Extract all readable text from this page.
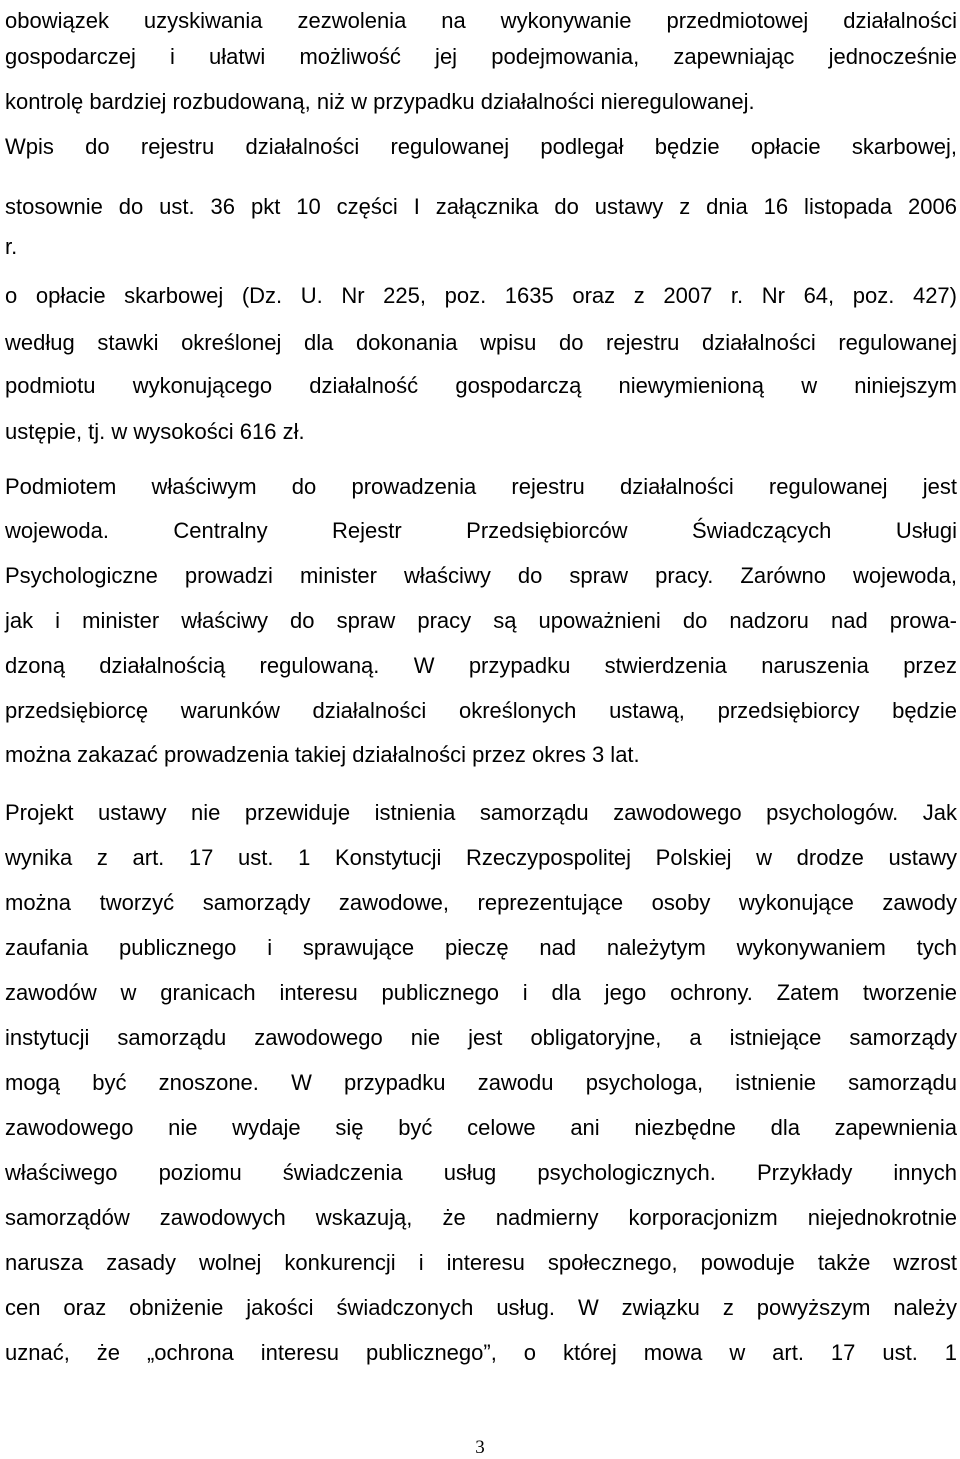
obowiązek uzyskiwania zezwolenia na wykonywanie przedmiotowej działalności
gospodarczej i ułatwi możliwość jej podejmowania, zapewniając jednocześnie
kontrolę bardziej rozbudowaną, niż w przypadku działalności nieregulowanej.
Wpis do rejestru działalności regulowanej podlegał będzie opłacie skarbowej,
stosownie do ust. 36 pkt 10 części I załącznika do ustawy z dnia 16 listopada 2006
r.
o opłacie skarbowej (Dz. U. Nr 225, poz. 1635 oraz z 2007 r. Nr 64, poz. 427)
według stawki określonej dla dokonania wpisu do rejestru działalności regulowanej
podmiotu wykonującego działalność gospodarczą niewymienioną w niniejszym
ustępie, tj. w wysokości 616 zł.
Podmiotem właściwym do prowadzenia rejestru działalności regulowanej jest
wojewoda. Centralny Rejestr Przedsiębiorców Świadczących Usługi
Psychologiczne prowadzi minister właściwy do spraw pracy. Zarówno wojewoda,
jak i minister właściwy do spraw pracy są upoważnieni do nadzoru nad prowa-
dzoną działalnością regulowaną. W przypadku stwierdzenia naruszenia przez
przedsiębiorcę warunków działalności określonych ustawą, przedsiębiorcy będzie
można zakazać prowadzenia takiej działalności przez okres 3 lat.
Projekt ustawy nie przewiduje istnienia samorządu zawodowego psychologów. Jak
wynika z art. 17 ust. 1 Konstytucji Rzeczypospolitej Polskiej w drodze ustawy
można tworzyć samorządy zawodowe, reprezentujące osoby wykonujące zawody
zaufania publicznego i sprawujące pieczę nad należytym wykonywaniem tych
zawodów w granicach interesu publicznego i dla jego ochrony. Zatem tworzenie
instytucji samorządu zawodowego nie jest obligatoryjne, a istniejące samorządy
mogą być znoszone. W przypadku zawodu psychologa, istnienie samorządu
zawodowego nie wydaje się być celowe ani niezbędne dla zapewnienia
właściwego poziomu świadczenia usług psychologicznych. Przykłady innych
samorządów zawodowych wskazują, że nadmierny korporacjonizm niejednokrotnie
narusza zasady wolnej konkurencji i interesu społecznego, powoduje także wzrost
cen oraz obniżenie jakości świadczonych usług. W związku z powyższym należy
uznać, że „ochrona interesu publicznego”, o której mowa w art. 17 ust. 1
3
